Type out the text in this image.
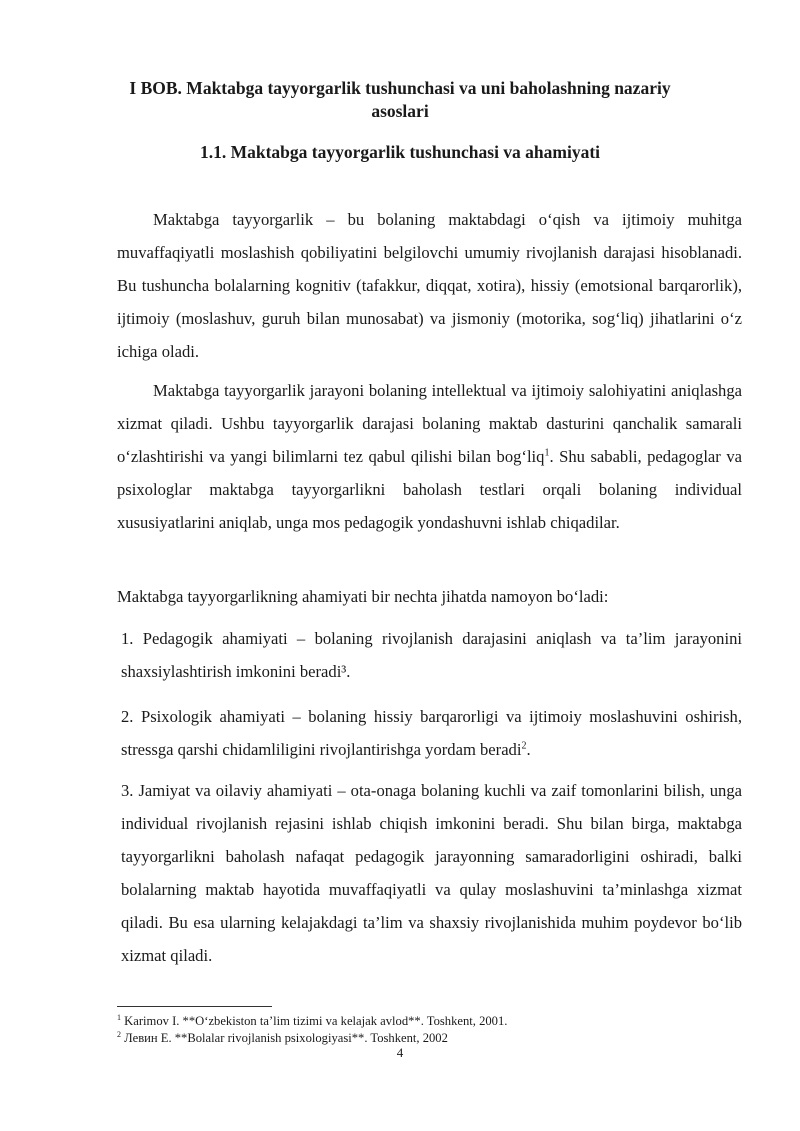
I BOB. Maktabga tayyorgarlik tushunchasi va uni baholashning nazariy asoslari
1.1. Maktabga tayyorgarlik tushunchasi va ahamiyati

Maktabga tayyorgarlik – bu bolaning maktabdagi o‘qish va ijtimoiy muhitga muvaffaqiyatli moslashish qobiliyatini belgilovchi umumiy rivojlanish darajasi hisoblanadi. Bu tushuncha bolalarning kognitiv (tafakkur, diqqat, xotira), hissiy (emotsional barqarorlik), ijtimoiy (moslashuv, guruh bilan munosabat) va jismoniy (motorika, sog‘liq) jihatlarini o‘z ichiga oladi.

Maktabga tayyorgarlik jarayoni bolaning intellektual va ijtimoiy salohiyatini aniqlashga xizmat qiladi. Ushbu tayyorgarlik darajasi bolaning maktab dasturini qanchalik samarali o‘zlashtirishi va yangi bilimlarni tez qabul qilishi bilan bog‘liq$^1$. Shu sababli, pedagoglar va psixologlar maktabga tayyorgarlikni baholash testlari orqali bolaning individual xususiyatlarini aniqlab, unga mos pedagogik yondashuvni ishlab chiqadilar.

Maktabga tayyorgarlikning ahamiyati bir nechta jihatda namoyon bo‘ladi:

1. Pedagogik ahamiyati – bolaning rivojlanish darajasini aniqlash va ta’lim jarayonini shaxsiylashtirish imkonini beradi³.

2. Psixologik ahamiyati – bolaning hissiy barqarorligi va ijtimoiy moslashuvini oshirish, stressga qarshi chidamliligini rivojlantirishga yordam beradi$^2$.

3. Jamiyat va oilaviy ahamiyati – ota-onaga bolaning kuchli va zaif tomonlarini bilish, unga individual rivojlanish rejasini ishlab chiqish imkonini beradi. Shu bilan birga, maktabga tayyorgarlikni baholash nafaqat pedagogik jarayonning samaradorligini oshiradi, balki bolalarning maktab hayotida muvaffaqiyatli va qulay moslashuvini ta’minlashga xizmat qiladi. Bu esa ularning kelajakdagi ta’lim va shaxsiy rivojlanishida muhim poydevor bo‘lib xizmat qiladi.

$^1$ Karimov I. **O‘zbekiston ta’lim tizimi va kelajak avlod**. Toshkent, 2001.

$^2$ Левин Е. **Bolalar rivojlanish psixologiyasi**. Toshkent, 2002

4
